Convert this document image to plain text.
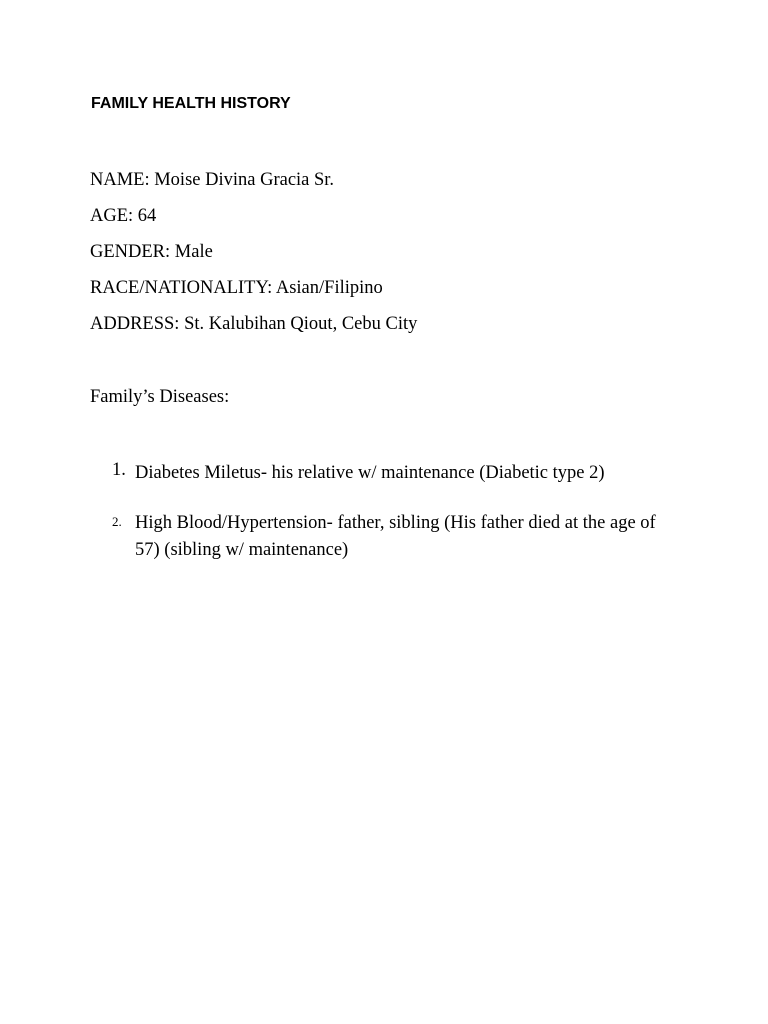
FAMILY HEALTH HISTORY
NAME: Moise Divina Gracia Sr.
AGE: 64
GENDER: Male
RACE/NATIONALITY: Asian/Filipino
ADDRESS: St. Kalubihan Qiout, Cebu City
Family’s Diseases:
1. Diabetes Miletus- his relative w/ maintenance (Diabetic type 2)
2. High Blood/Hypertension- father, sibling (His father died at the age of 57) (sibling w/ maintenance)
